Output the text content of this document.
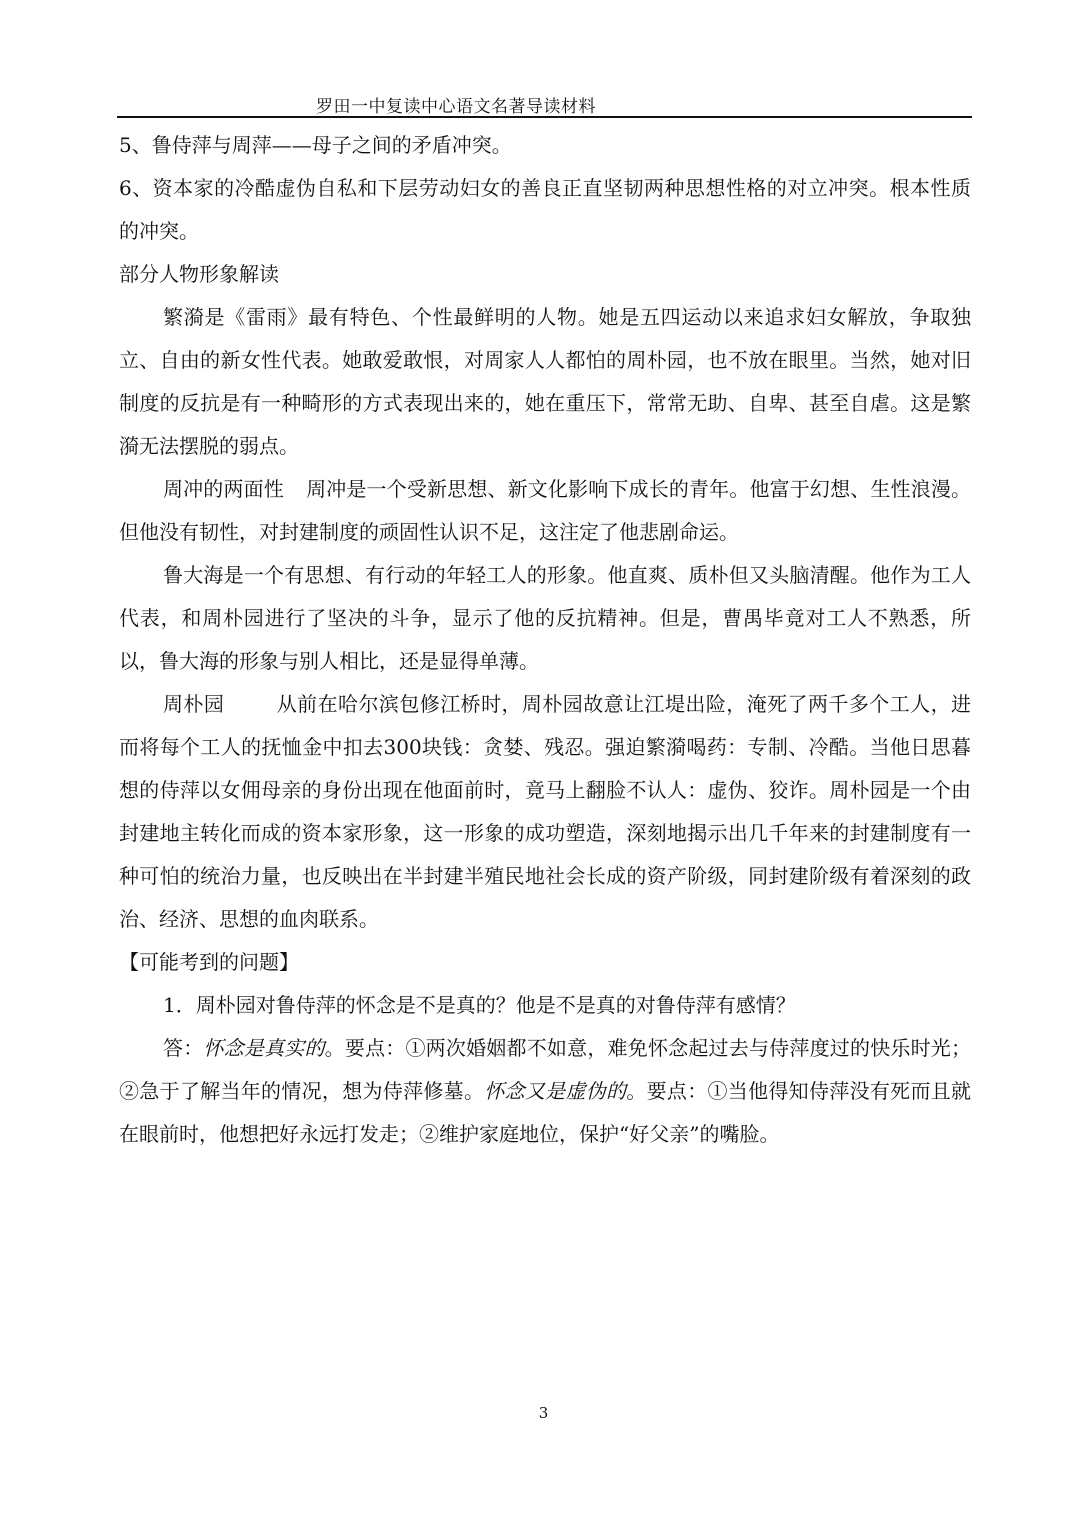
罗田一中复读中心语文名著导读材料

5、鲁侍萍与周萍——母子之间的矛盾冲突。

6、资本家的冷酷虚伪自私和下层劳动妇女的善良正直坚韧两种思想性格的对立冲突。根本性质的冲突。

部分人物形象解读

繁漪是《雷雨》最有特色、个性最鲜明的人物。她是五四运动以来追求妇女解放，争取独立、自由的新女性代表。她敢爱敢恨，对周家人人都怕的周朴园，也不放在眼里。当然，她对旧制度的反抗是有一种畸形的方式表现出来的，她在重压下，常常无助、自卑、甚至自虐。这是繁漪无法摆脱的弱点。

周冲的两面性 周冲是一个受新思想、新文化影响下成长的青年。他富于幻想、生性浪漫。但他没有韧性，对封建制度的顽固性认识不足，这注定了他悲剧命运。

鲁大海是一个有思想、有行动的年轻工人的形象。他直爽、质朴但又头脑清醒。他作为工人代表，和周朴园进行了坚决的斗争，显示了他的反抗精神。但是，曹禺毕竟对工人不熟悉，所以，鲁大海的形象与别人相比，还是显得单薄。

周朴园	从前在哈尔滨包修江桥时，周朴园故意让江堤出险，淹死了两千多个工人，进而将每个工人的抚恤金中扣去300块钱：贪婪、残忍。强迫繁漪喝药：专制、冷酷。当他日思暮想的侍萍以女佣母亲的身份出现在他面前时，竟马上翻脸不认人：虚伪、狡诈。周朴园是一个由封建地主转化而成的资本家形象，这一形象的成功塑造，深刻地揭示出几千年来的封建制度有一种可怕的统治力量，也反映出在半封建半殖民地社会长成的资产阶级，同封建阶级有着深刻的政治、经济、思想的血肉联系。

【可能考到的问题】

1．周朴园对鲁侍萍的怀念是不是真的？他是不是真的对鲁侍萍有感情？

答：怀念是真实的。要点：①两次婚姻都不如意，难免怀念起过去与侍萍度过的快乐时光；②急于了解当年的情况，想为侍萍修墓。怀念又是虚伪的。要点：①当他得知侍萍没有死而且就在眼前时，他想把好永远打发走；②维护家庭地位，保护“好父亲”的嘴脸。

3
